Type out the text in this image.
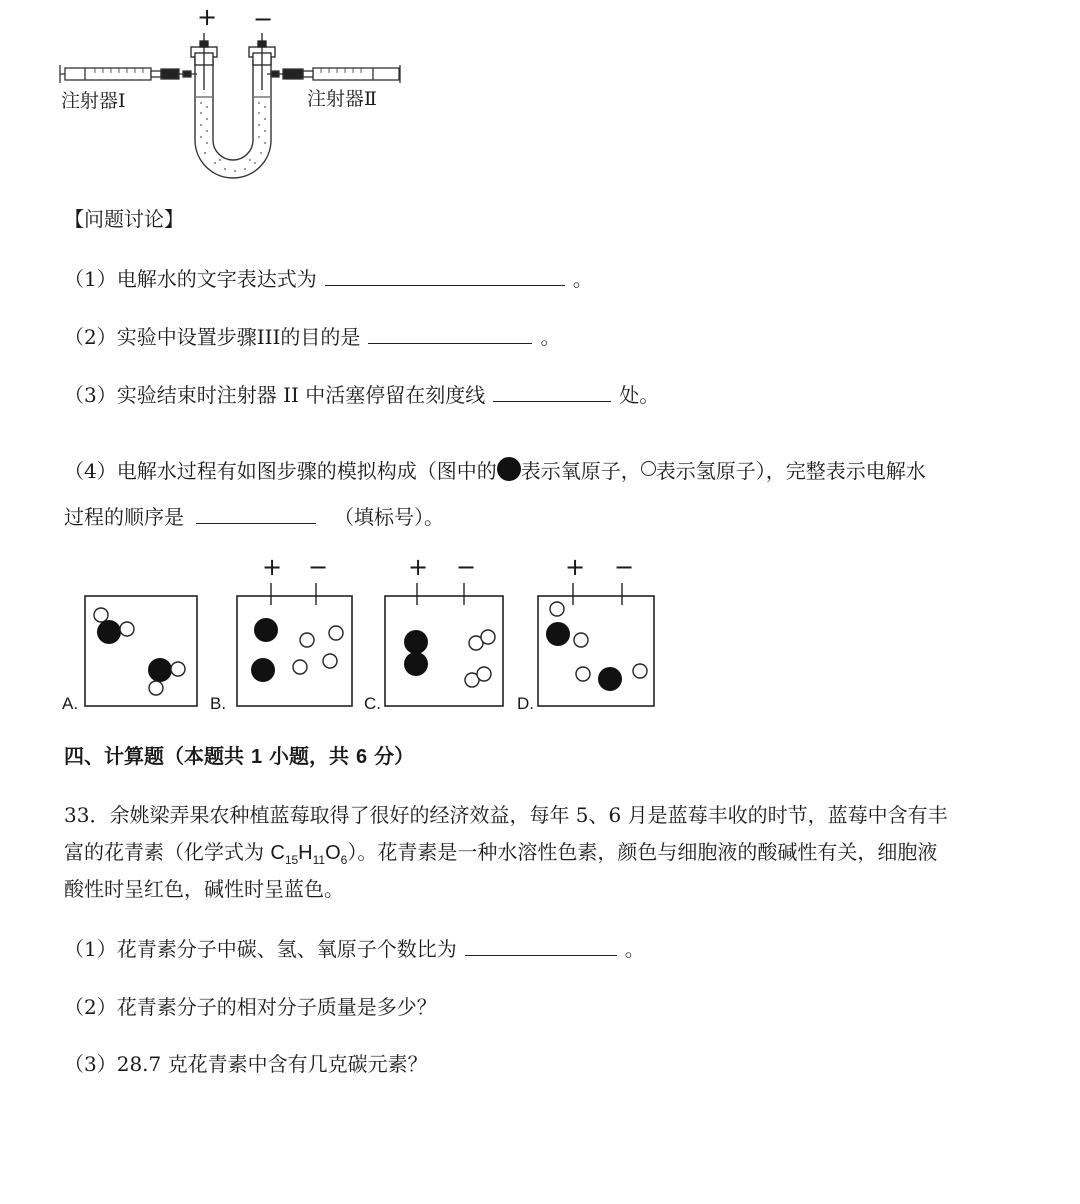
+ −
注射器Ⅰ	注射器Ⅱ
【问题讨论】
（1）电解水的文字表达式为	。
（2）实验中设置步骤III的目的是	。
（3）实验结束时注射器 II 中活塞停留在刻度线	处。
（4）电解水过程有如图步骤的模拟构成（图中的 表示氧原子， 表示氢原子），完整表示电解水
过程的顺序是	（填标号）。
+ −	+ −	+ −
A.	B.	C.	D.
四、计算题（本题共 1 小题，共 6 分）
33．余姚梁弄果农种植蓝莓取得了很好的经济效益，每年 5、6 月是蓝莓丰收的时节，蓝莓中含有丰
富的花青素（化学式为 $C_{15}H_{11}O_6$）。花青素是一种水溶性色素，颜色与细胞液的酸碱性有关，细胞液
酸性时呈红色，碱性时呈蓝色。
（1）花青素分子中碳、氢、氧原子个数比为	。
（2）花青素分子的相对分子质量是多少？
（3）28.7 克花青素中含有几克碳元素？
